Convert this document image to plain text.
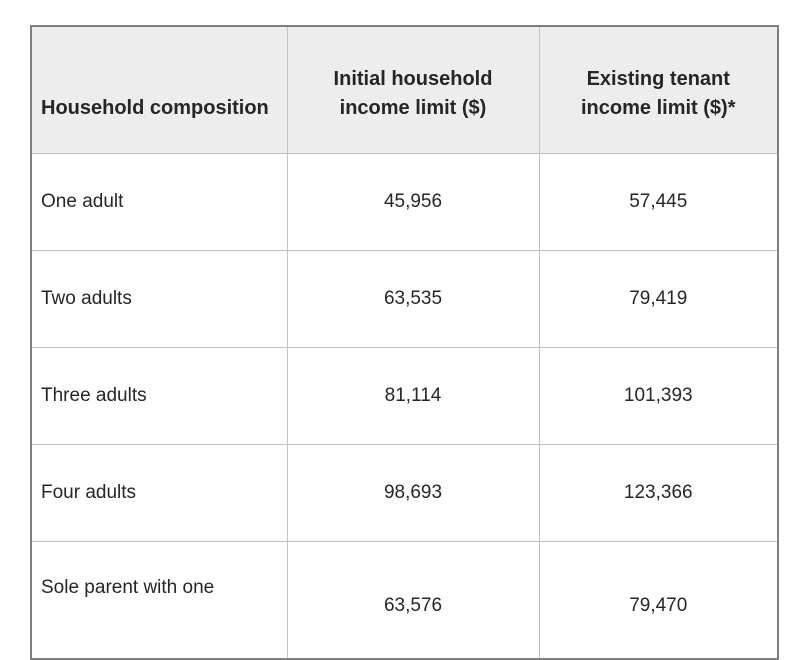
Household composition	Initial household income limit ($)	Existing tenant income limit ($)*
One adult	45,956	57,445
Two adults	63,535	79,419
Three adults	81,114	101,393
Four adults	98,693	123,366
Sole parent with one	63,576	79,470
